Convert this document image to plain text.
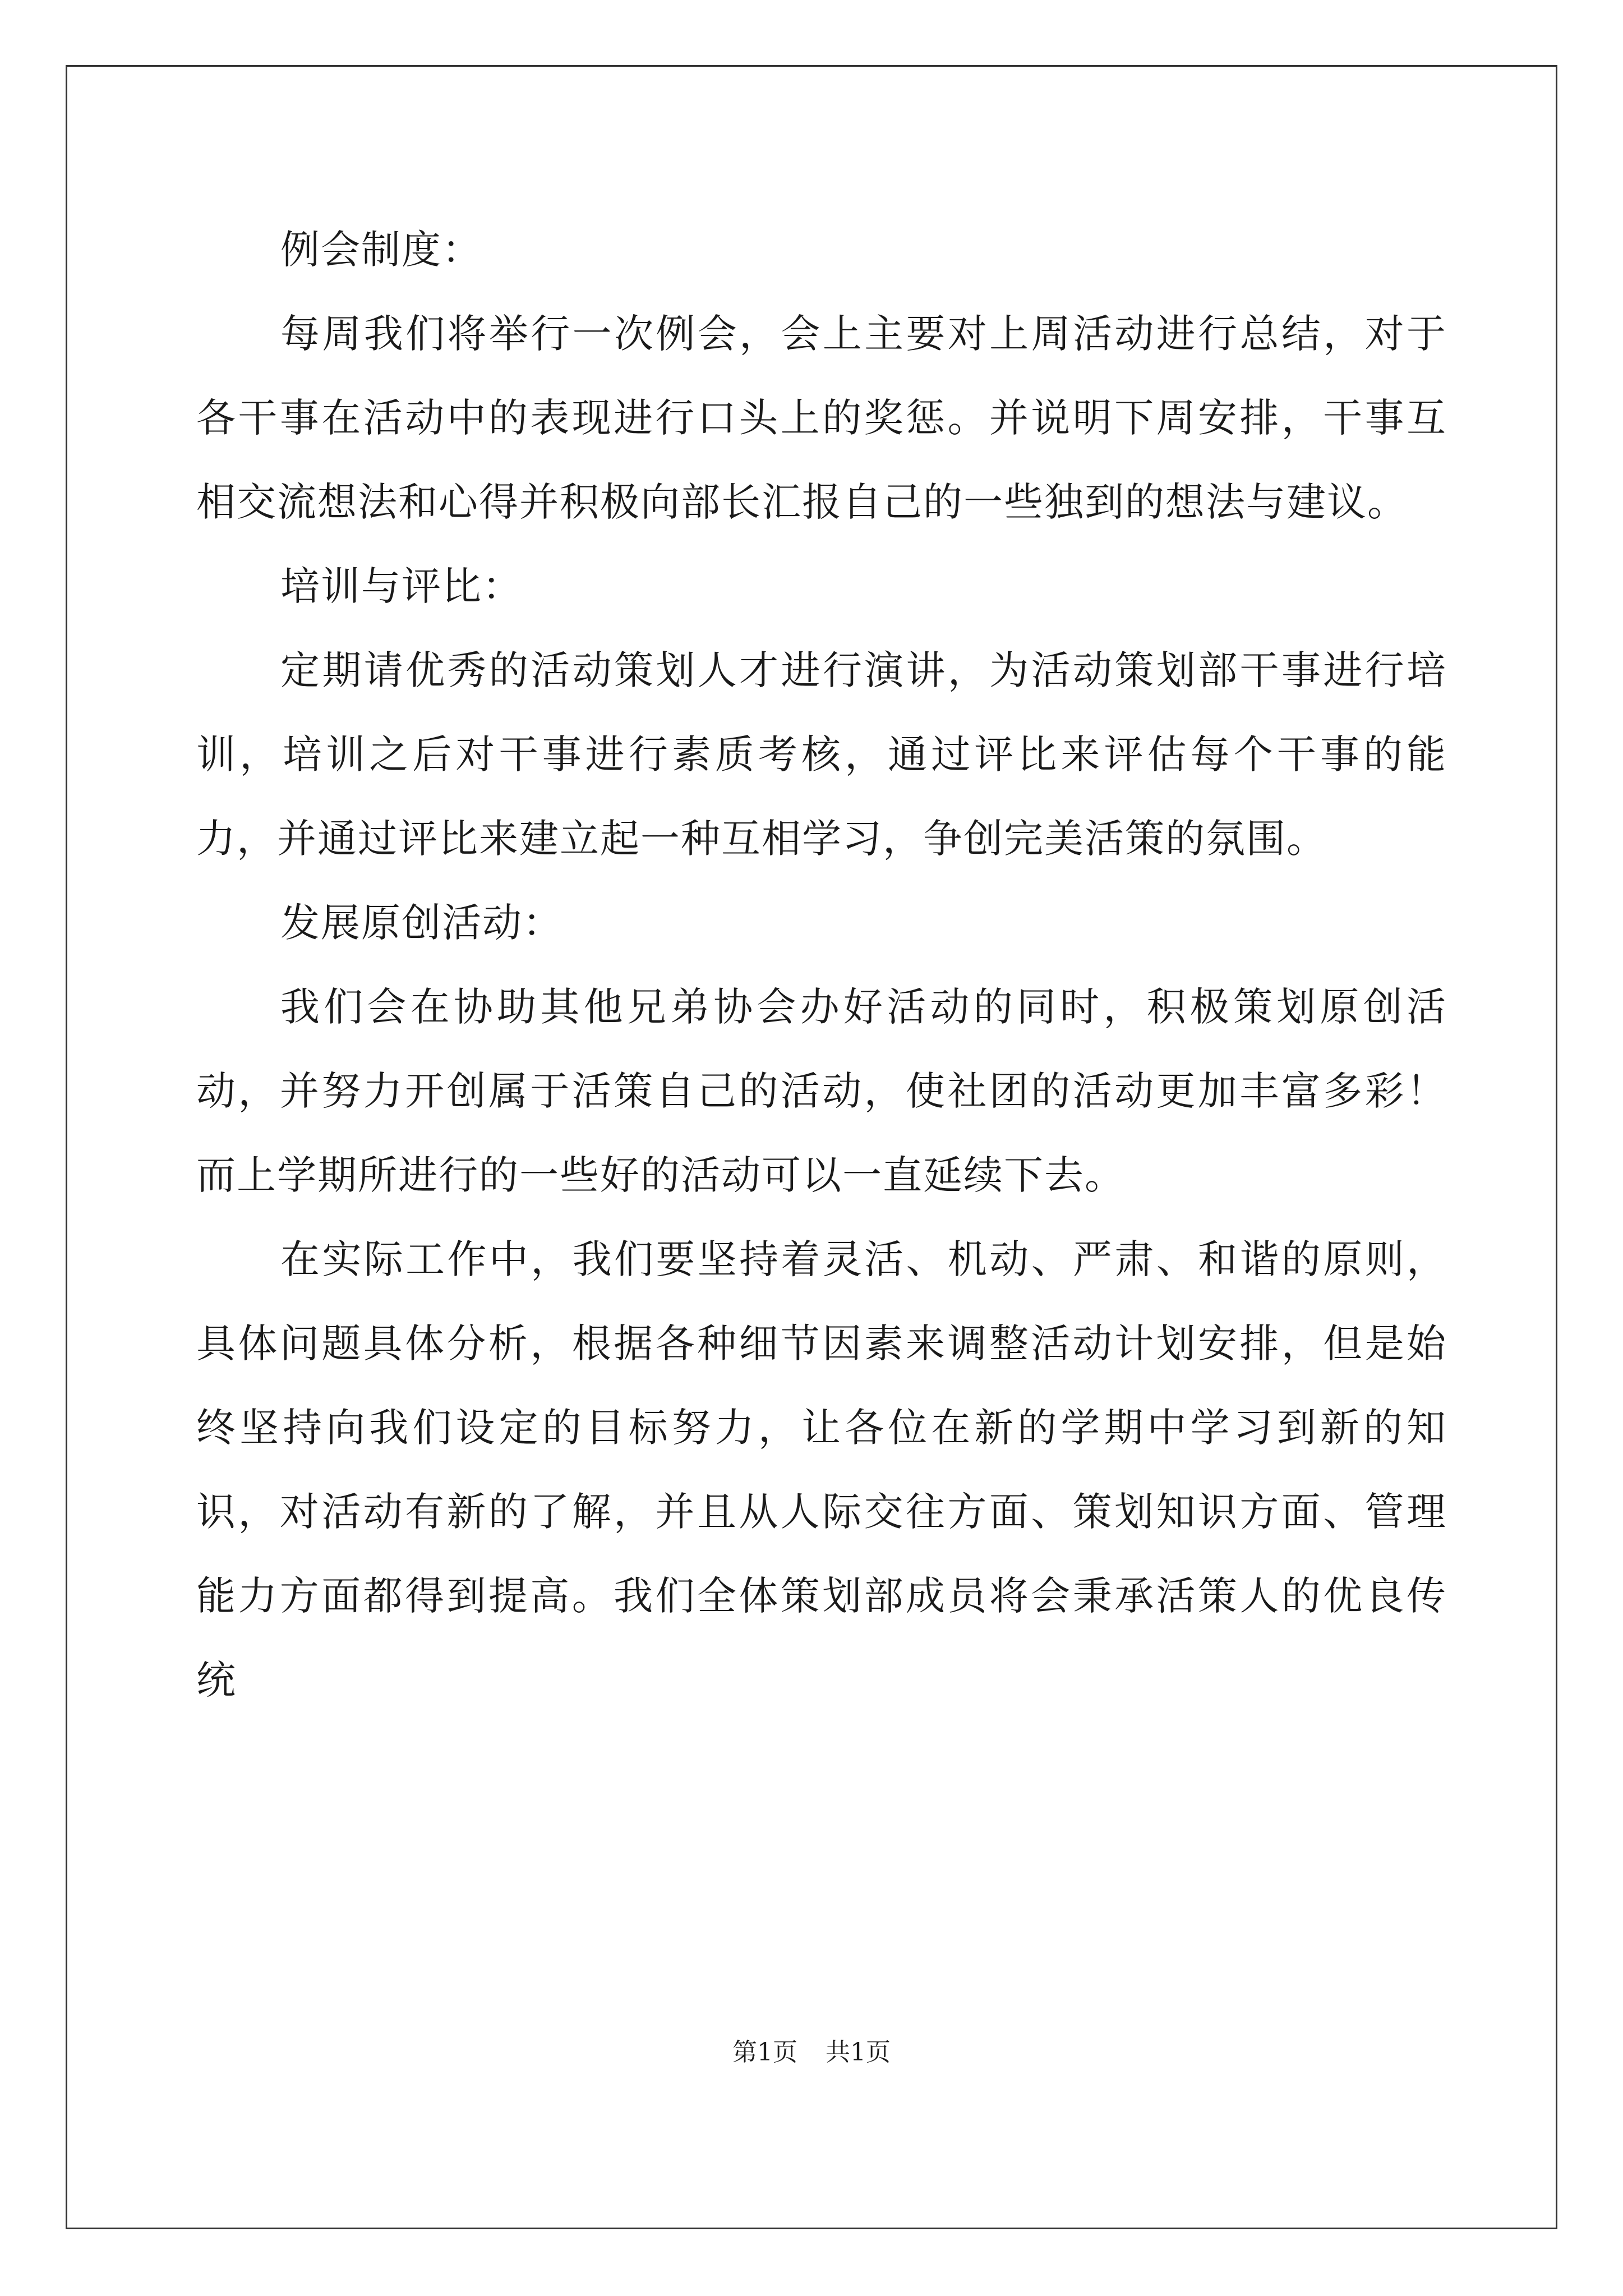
例会制度：

每周我们将举行一次例会，会上主要对上周活动进行总结，对于各干事在活动中的表现进行口头上的奖惩。并说明下周安排，干事互相交流想法和心得并积极向部长汇报自己的一些独到的想法与建议。

培训与评比：

定期请优秀的活动策划人才进行演讲，为活动策划部干事进行培训，培训之后对干事进行素质考核，通过评比来评估每个干事的能力，并通过评比来建立起一种互相学习，争创完美活策的氛围。

发展原创活动：

我们会在协助其他兄弟协会办好活动的同时，积极策划原创活动，并努力开创属于活策自己的活动，使社团的活动更加丰富多彩！而上学期所进行的一些好的活动可以一直延续下去。

在实际工作中，我们要坚持着灵活、机动、严肃、和谐的原则，具体问题具体分析，根据各种细节因素来调整活动计划安排，但是始终坚持向我们设定的目标努力，让各位在新的学期中学习到新的知识，对活动有新的了解，并且从人际交往方面、策划知识方面、管理能力方面都得到提高。我们全体策划部成员将会秉承活策人的优良传统

第1页 共1页
